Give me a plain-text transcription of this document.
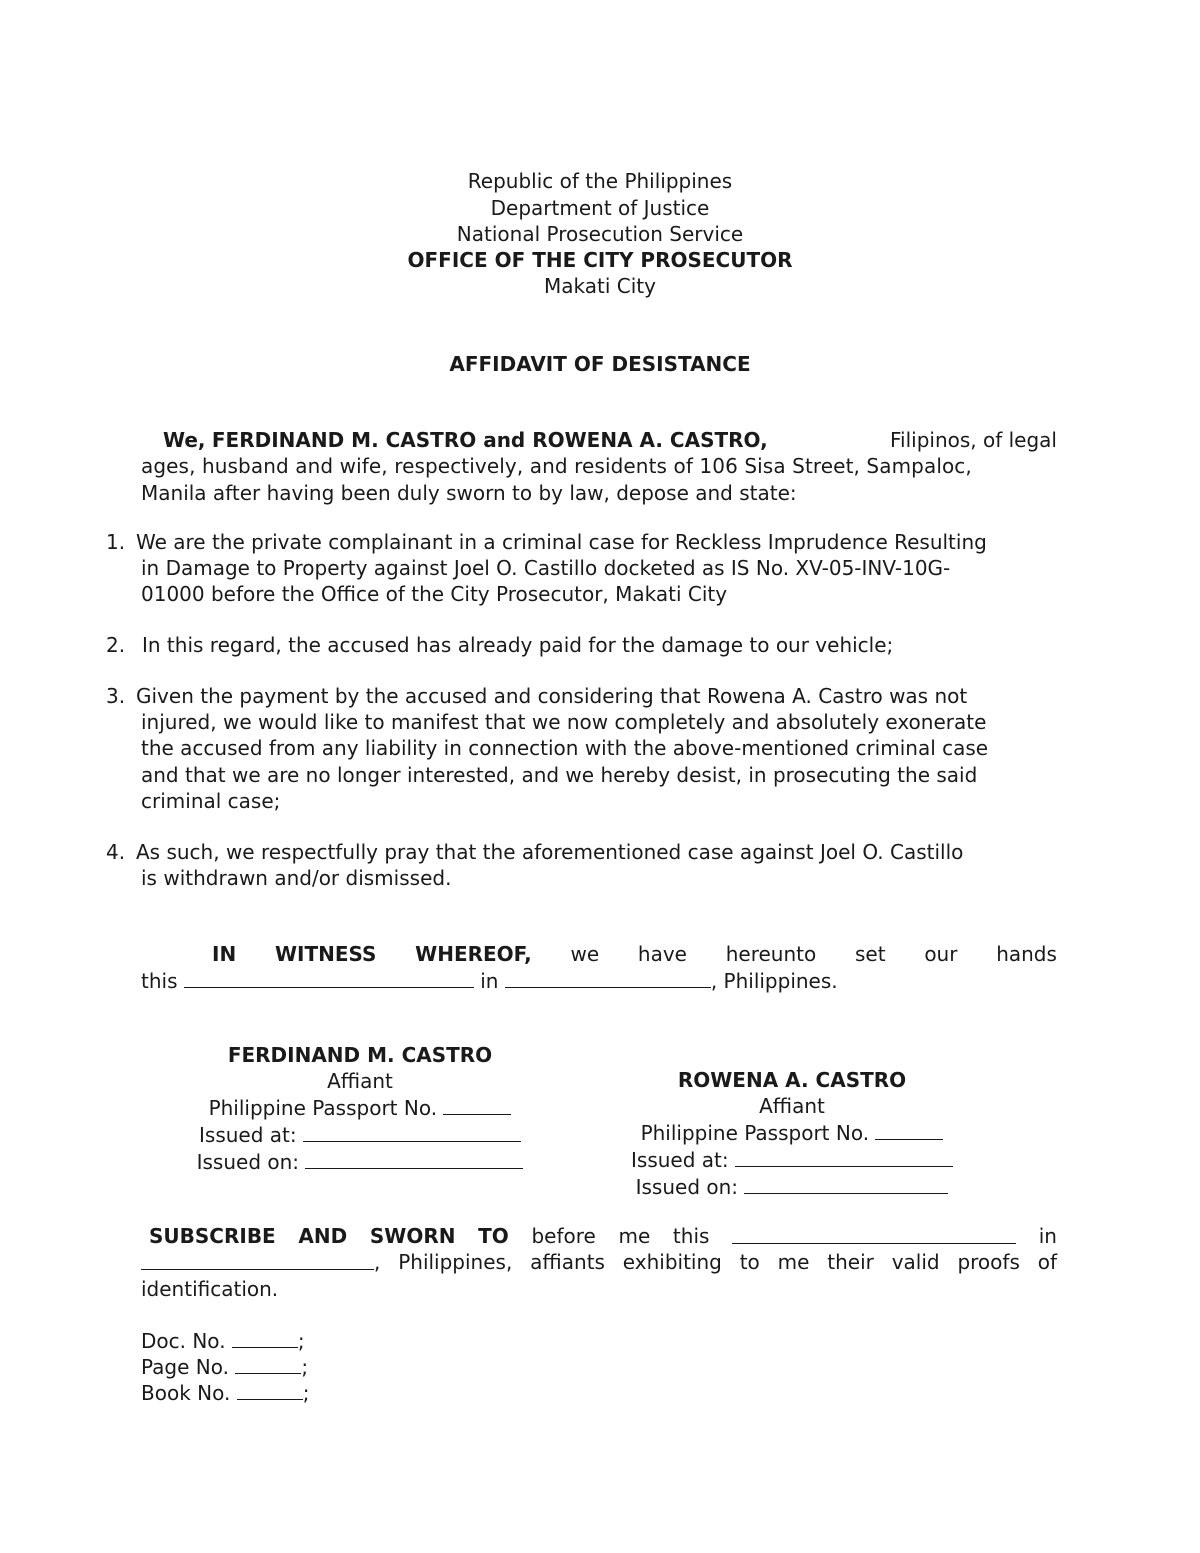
Republic of the Philippines
Department of Justice
National Prosecution Service
OFFICE OF THE CITY PROSECUTOR
Makati City
AFFIDAVIT OF DESISTANCE
We, FERDINAND M. CASTRO and ROWENA A. CASTRO,	Filipinos, of legal
ages, husband and wife, respectively, and residents of 106 Sisa Street, Sampaloc,
Manila after having been duly sworn to by law, depose and state:
1. We are the private complainant in a criminal case for Reckless Imprudence Resulting
in Damage to Property against Joel O. Castillo docketed as IS No. XV-05-INV-10G-
01000 before the Office of the City Prosecutor, Makati City
2. In this regard, the accused has already paid for the damage to our vehicle;
3. Given the payment by the accused and considering that Rowena A. Castro was not
injured, we would like to manifest that we now completely and absolutely exonerate
the accused from any liability in connection with the above-mentioned criminal case
and that we are no longer interested, and we hereby desist, in prosecuting the said
criminal case;
4. As such, we respectfully pray that the aforementioned case against Joel O. Castillo
is withdrawn and/or dismissed.
IN WITNESS WHEREOF, we have hereunto set our hands
this	in	, Philippines.
FERDINAND M. CASTRO
Affiant
Philippine Passport No.
Issued at:
Issued on:
ROWENA A. CASTRO
Affiant
Philippine Passport No.
Issued at:
Issued on:
SUBSCRIBE AND SWORN TO before me this	in
, Philippines, affiants exhibiting to me their valid proofs of
identification.
Doc. No.	;
Page No.	;
Book No.	;
